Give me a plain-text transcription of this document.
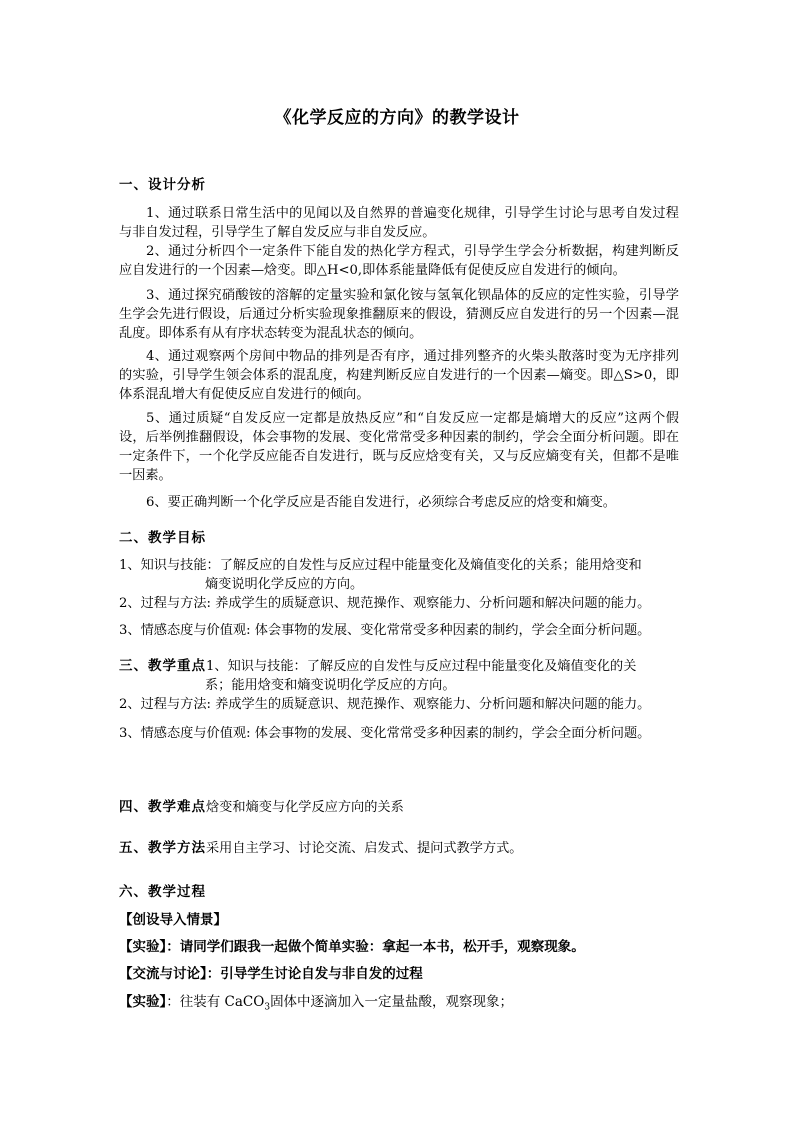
《化学反应的方向》的教学设计
一、设计分析
1、通过联系日常生活中的见闻以及自然界的普遍变化规律，引导学生讨论与思考自发过程与非自发过程，引导学生了解自发反应与非自发反应。
2、通过分析四个一定条件下能自发的热化学方程式，引导学生学会分析数据，构建判断反应自发进行的一个因素—焓变。即△H<0,即体系能量降低有促使反应自发进行的倾向。
3、通过探究硝酸铵的溶解的定量实验和氯化铵与氢氧化钡晶体的反应的定性实验，引导学生学会先进行假设，后通过分析实验现象推翻原来的假设，猜测反应自发进行的另一个因素—混乱度。即体系有从有序状态转变为混乱状态的倾向。
4、通过观察两个房间中物品的排列是否有序，通过排列整齐的火柴头散落时变为无序排列的实验，引导学生领会体系的混乱度，构建判断反应自发进行的一个因素—熵变。即△S>0，即体系混乱增大有促使反应自发进行的倾向。
5、通过质疑“自发反应一定都是放热反应”和“自发反应一定都是熵增大的反应”这两个假设，后举例推翻假设，体会事物的发展、变化常常受多种因素的制约，学会全面分析问题。即在一定条件下，一个化学反应能否自发进行，既与反应焓变有关，又与反应熵变有关，但都不是唯一因素。
6、要正确判断一个化学反应是否能自发进行，必须综合考虑反应的焓变和熵变。
二、教学目标
1、知识与技能：了解反应的自发性与反应过程中能量变化及熵值变化的关系；能用焓变和
熵变说明化学反应的方向。
2、过程与方法: 养成学生的质疑意识、规范操作、观察能力、分析问题和解决问题的能力。
3、情感态度与价值观: 体会事物的发展、变化常常受多种因素的制约，学会全面分析问题。
三、教学重点1、知识与技能：了解反应的自发性与反应过程中能量变化及熵值变化的关
系；能用焓变和熵变说明化学反应的方向。
2、过程与方法: 养成学生的质疑意识、规范操作、观察能力、分析问题和解决问题的能力。
3、情感态度与价值观: 体会事物的发展、变化常常受多种因素的制约，学会全面分析问题。
四、教学难点焓变和熵变与化学反应方向的关系
五、教学方法采用自主学习、讨论交流、启发式、提问式教学方式。
六、教学过程
【创设导入情景】
【实验】：请同学们跟我一起做个简单实验：拿起一本书，松开手，观察现象。
【交流与讨论】：引导学生讨论自发与非自发的过程
【实验】：往装有 CaCO$_3$固体中逐滴加入一定量盐酸，观察现象；
